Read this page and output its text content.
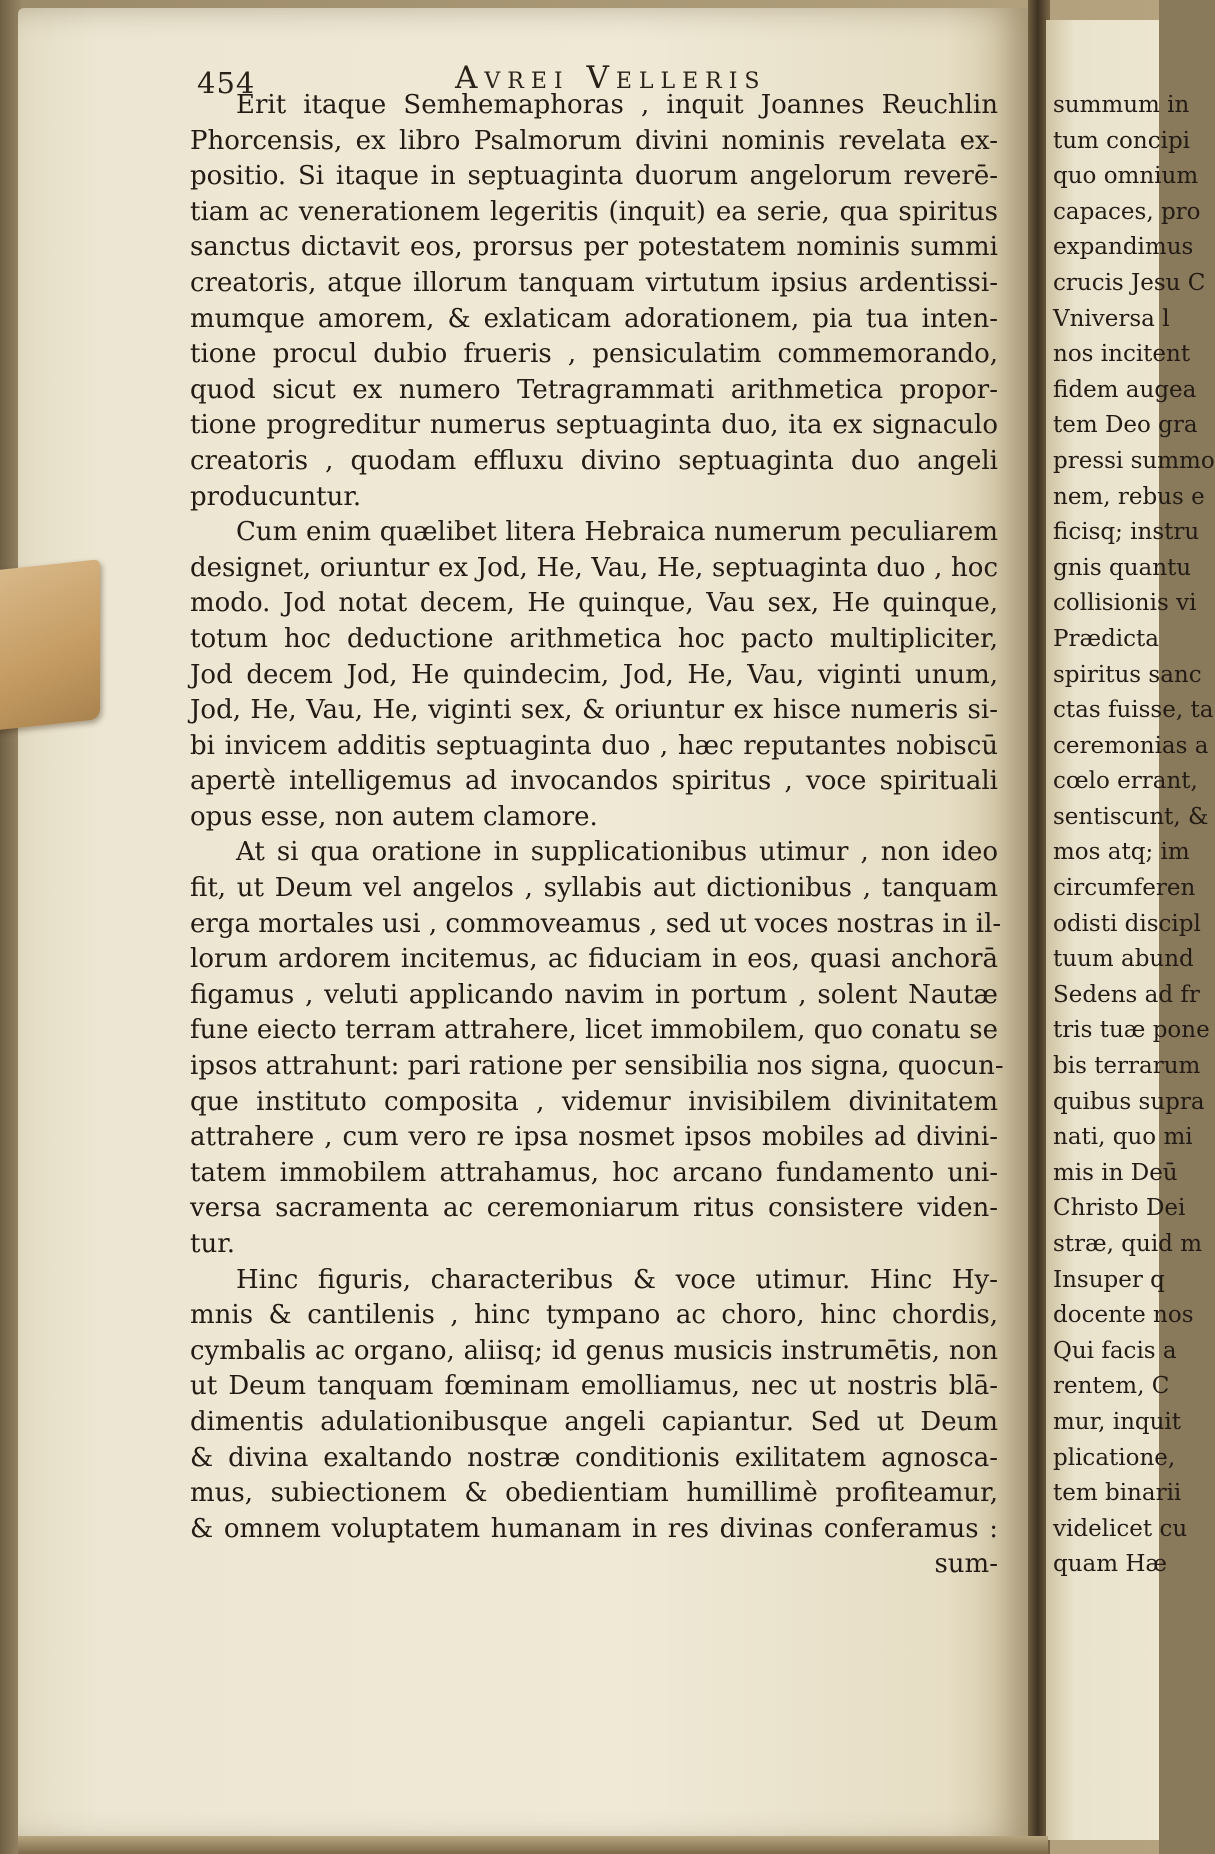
454	Avrei Velleris
Erit itaque Semhemaphoras , inquit Joannes Reuchlin
Phorcensis, ex libro Psalmorum divini nominis revelata ex-
positio. Si itaque in septuaginta duorum angelorum reverē-
tiam ac venerationem legeritis (inquit) ea serie, qua spiritus
sanctus dictavit eos, prorsus per potestatem nominis summi
creatoris, atque illorum tanquam virtutum ipsius ardentissi-
mumque amorem, & exlaticam adorationem, pia tua inten-
tione procul dubio frueris , pensiculatim commemorando,
quod sicut ex numero Tetragrammati arithmetica propor-
tione progreditur numerus septuaginta duo, ita ex signaculo
creatoris , quodam effluxu divino septuaginta duo angeli
producuntur.
Cum enim quælibet litera Hebraica numerum peculiarem
designet, oriuntur ex Jod, He, Vau, He, septuaginta duo , hoc
modo. Jod notat decem, He quinque, Vau sex, He quinque,
totum hoc deductione arithmetica hoc pacto multipliciter,
Jod decem Jod, He quindecim, Jod, He, Vau, viginti unum,
Jod, He, Vau, He, viginti sex, & oriuntur ex hisce numeris si-
bi invicem additis septuaginta duo , hæc reputantes nobiscū
apertè intelligemus ad invocandos spiritus , voce spirituali
opus esse, non autem clamore.
At si qua oratione in supplicationibus utimur , non ideo
fit, ut Deum vel angelos , syllabis aut dictionibus , tanquam
erga mortales usi , commoveamus , sed ut voces nostras in il-
lorum ardorem incitemus, ac fiduciam in eos, quasi anchorā
figamus , veluti applicando navim in portum , solent Nautæ
fune eiecto terram attrahere, licet immobilem, quo conatu se
ipsos attrahunt: pari ratione per sensibilia nos signa, quocun-
que instituto composita , videmur invisibilem divinitatem
attrahere , cum vero re ipsa nosmet ipsos mobiles ad divini-
tatem immobilem attrahamus, hoc arcano fundamento uni-
versa sacramenta ac ceremoniarum ritus consistere viden-
tur.
Hinc figuris, characteribus & voce utimur. Hinc Hy-
mnis & cantilenis , hinc tympano ac choro, hinc chordis,
cymbalis ac organo, aliisq; id genus musicis instrumētis, non
ut Deum tanquam fœminam emolliamus, nec ut nostris blā-
dimentis adulationibusque angeli capiantur. Sed ut Deum
& divina exaltando nostræ conditionis exilitatem agnosca-
mus, subiectionem & obedientiam humillimè profiteamur,
& omnem voluptatem humanam in res divinas conferamus :
sum-
summum in
tum concipi
quo omnium
capaces, pro
expandimus
crucis Jesu C
Vniversa l
nos incitent
fidem augea
tem Deo gra
pressi summo
nem, rebus e
ficisq; instru
gnis quantu
collisionis vi
Prædicta
spiritus sanc
ctas fuisse, ta
ceremonias a
cœlo errant,
sentiscunt, &
mos atq; im
circumferen
odisti discipl
tuum abund
Sedens ad fr
tris tuæ pone
bis terrarum
quibus supra
nati, quo mi
mis in Deū
Christo Dei
stræ, quid m
Insuper q
docente nos
Qui facis a
rentem, C
mur, inquit
plicatione,
tem binarii
videlicet cu
quam Hæ
